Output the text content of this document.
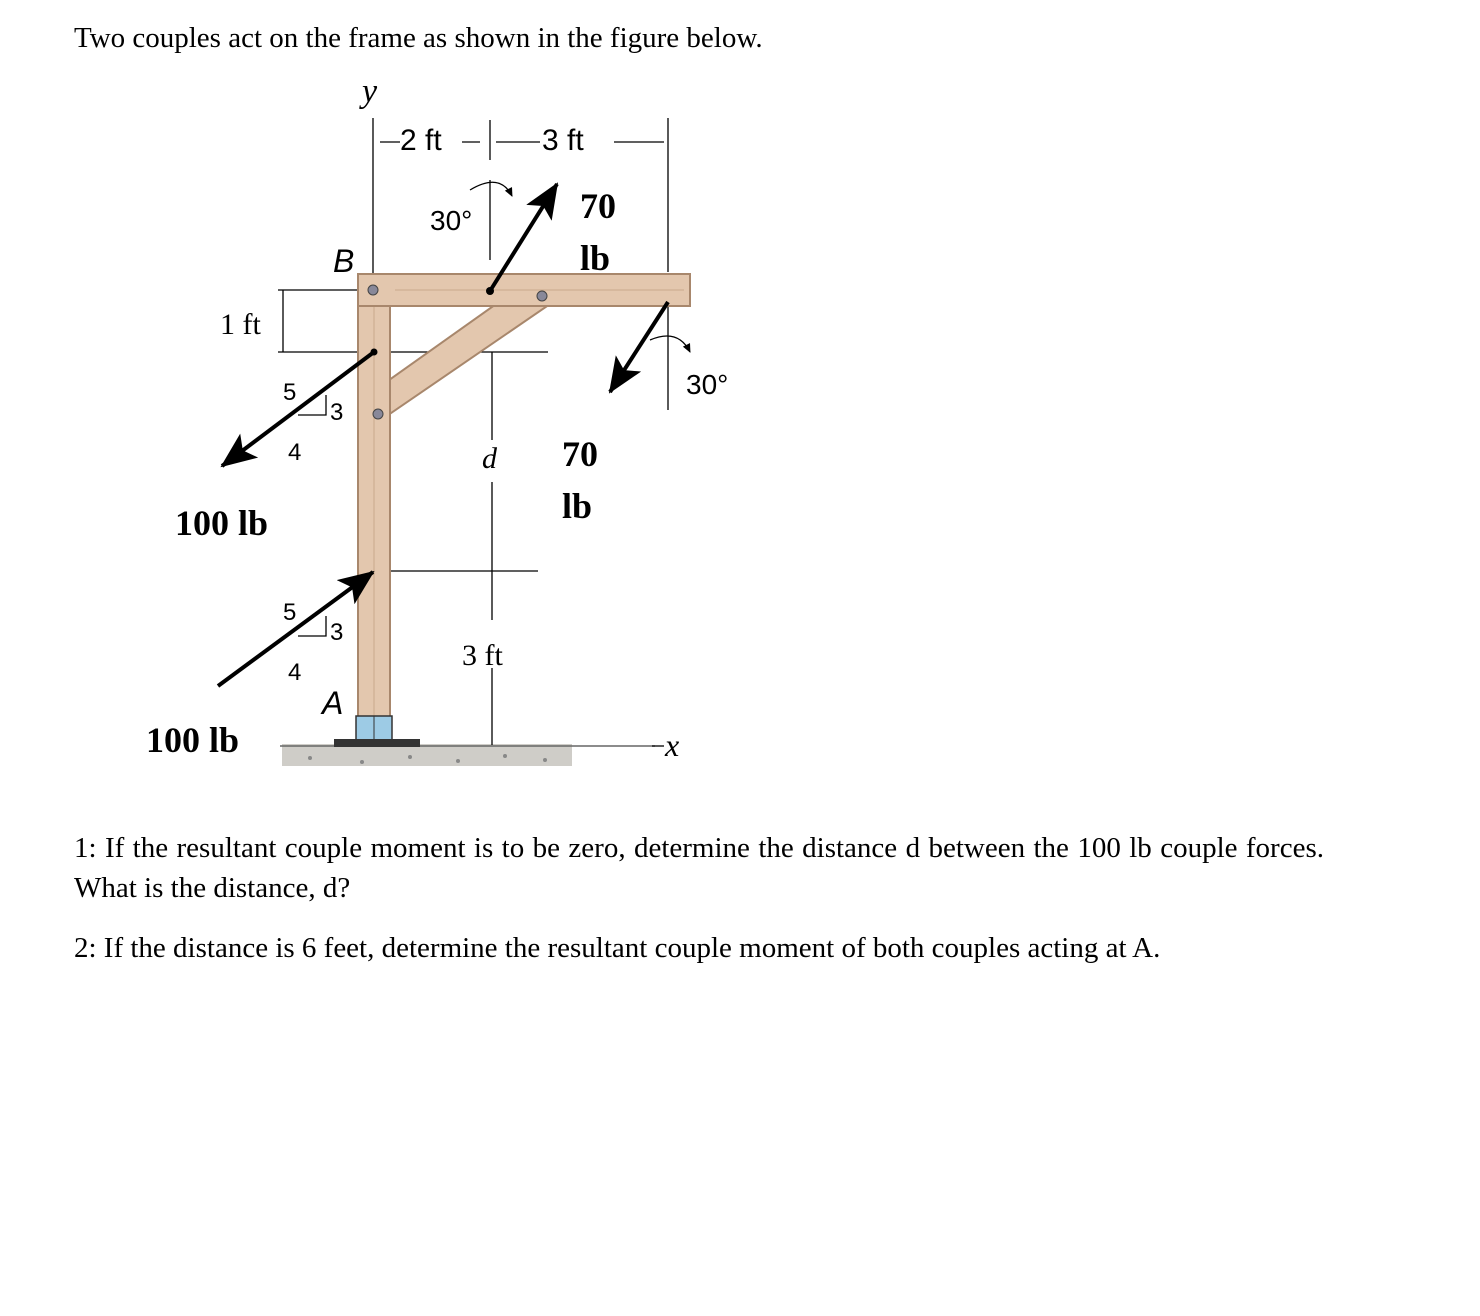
Two couples act on the frame as shown in the figure below.

2 ft	3 ft
1 ft
3 ft
d
y
x
B
A
30°	70
lb
30°
70
lb
5
3
4
100 lb
5
3
4
100 lb

1: If the resultant couple moment is to be zero, determine the distance d between the 100 lb couple forces. What is the distance, d?

2: If the distance is 6 feet, determine the resultant couple moment of both couples acting at A.
